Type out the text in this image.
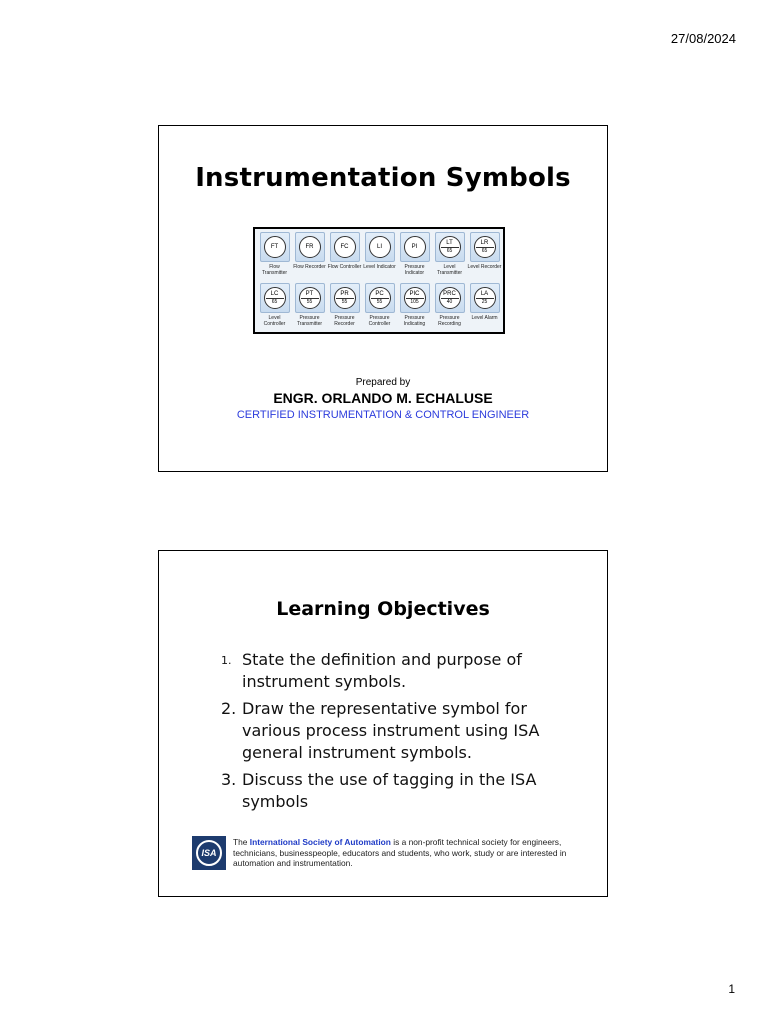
27/08/2024
Instrumentation Symbols
FT
Flow Transmitter
FR
Flow Recorder
FC
Flow Controller
LI
Level Indicator
PI
Pressure Indicator
LT
65
Level Transmitter
LR
65
Level Recorder
LC
65
Level Controller
PT
55
Pressure Transmitter
PR
55
Pressure Recorder
PC
55
Pressure Controller
PIC
105
Pressure Indicating
PRC
40
Pressure Recording
LA
25
Level Alarm
Prepared by
ENGR. ORLANDO M. ECHALUSE
CERTIFIED INSTRUMENTATION & CONTROL ENGINEER
Learning Objectives
1. State the definition and purpose of instrument symbols.
2. Draw the representative symbol for various process instrument using ISA general instrument symbols.
3. Discuss the use of tagging in the ISA symbols
ISA
The International Society of Automation is a non-profit technical society for engineers, technicians, businesspeople, educators and students, who work, study or are interested in automation and instrumentation.
1
